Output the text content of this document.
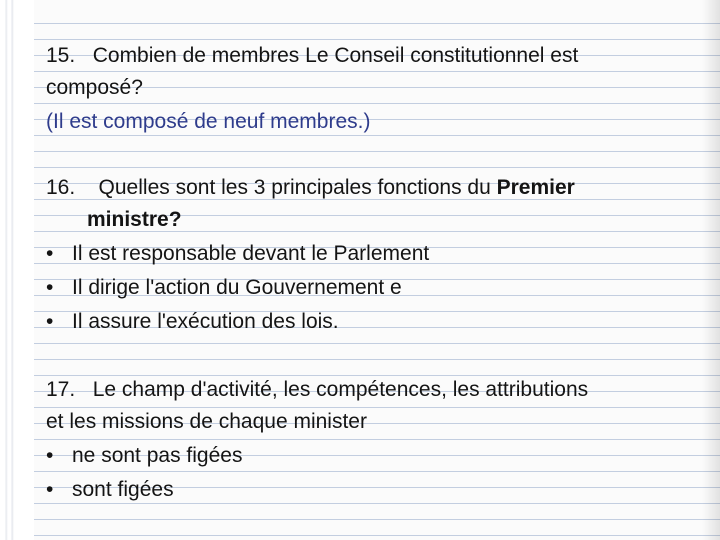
15. Combien de membres Le Conseil constitutionnel est
composé?
(Il est composé de neuf membres.)
16. Quelles sont les 3 principales fonctions du Premier
ministre?
• Il est responsable devant le Parlement
• Il dirige l'action du Gouvernement e
• Il assure l'exécution des lois.
17. Le champ d'activité, les compétences, les attributions
et les missions de chaque minister
• ne sont pas figées
• sont figées
